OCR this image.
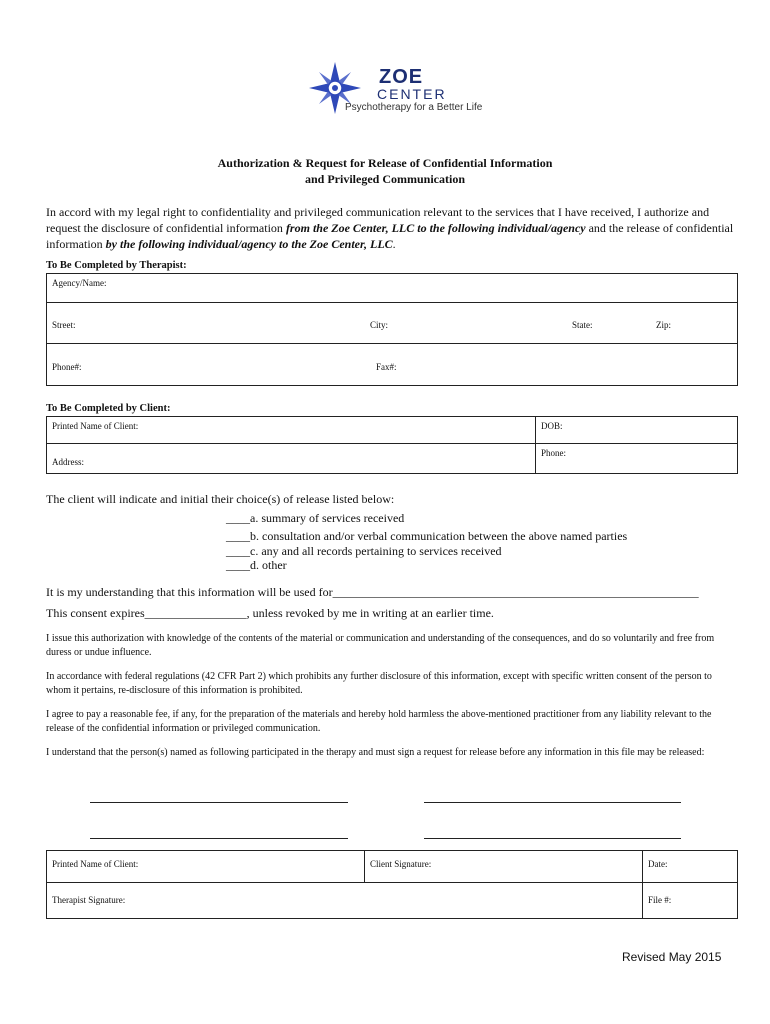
ZOE
CENTER
Psychotherapy for a Better Life
Authorization & Request for Release of Confidential Information
and Privileged Communication
In accord with my legal right to confidentiality and privileged communication relevant to the services that I have received, I authorize and request the disclosure of confidential information from the Zoe Center, LLC to the following individual/agency and the release of confidential information by the following individual/agency to the Zoe Center, LLC.
To Be Completed by Therapist:
Agency/Name:
Street:	City:	State:	Zip:

Phone#:	Fax#:
To Be Completed by Client:
Printed Name of Client:	DOB:
Address:	Phone:
The client will indicate and initial their choice(s) of release listed below:
____a. summary of services received
____b. consultation and/or verbal communication between the above named parties
____c. any and all records pertaining to services received
____d. other
It is my understanding that this information will be used for_____________________________________________________________
This consent expires_________________, unless revoked by me in writing at an earlier time.
I issue this authorization with knowledge of the contents of the material or communication and understanding of the consequences, and do so voluntarily and free from duress or undue influence.
In accordance with federal regulations (42 CFR Part 2) which prohibits any further disclosure of this information, except with specific written consent of the person to whom it pertains, re-disclosure of this information is prohibited.
I agree to pay a reasonable fee, if any, for the preparation of the materials and hereby hold harmless the above-mentioned practitioner from any liability relevant to the release of the confidential information or privileged communication.
I understand that the person(s) named as following participated in the therapy and must sign a request for release before any information in this file may be released:
Printed Name of Client:	Client Signature:	Date:
Therapist Signature:		File #:
Revised May 2015
